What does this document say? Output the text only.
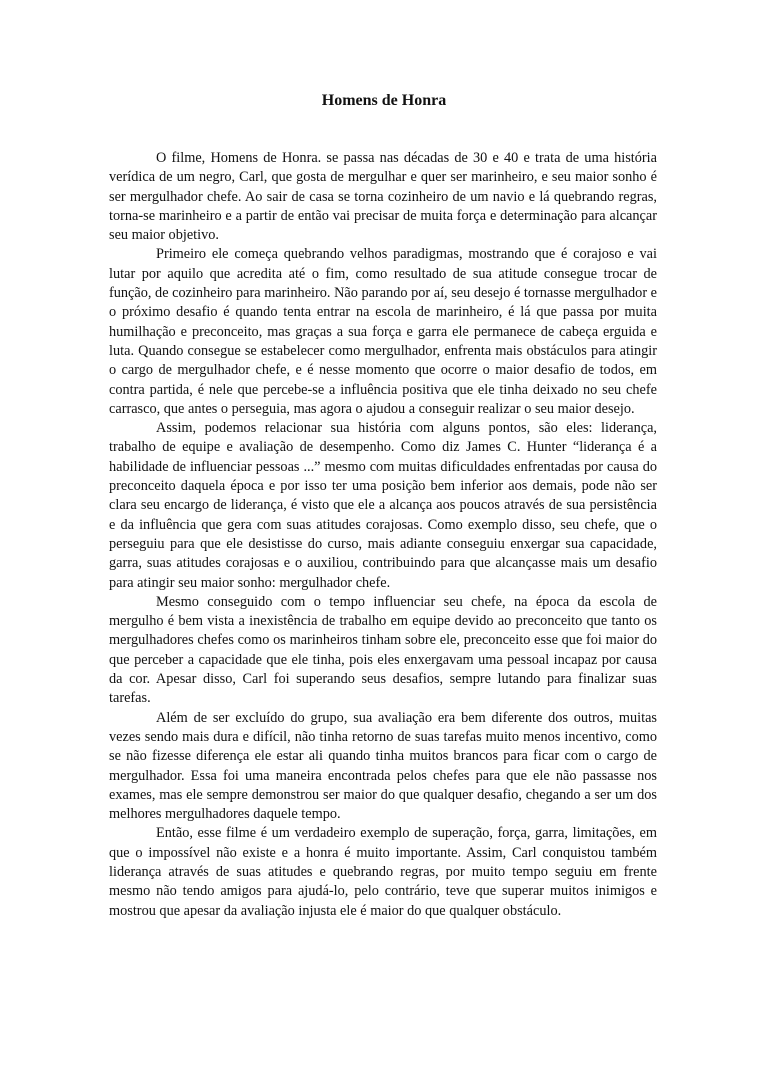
Homens de Honra

O filme, Homens de Honra. se passa nas décadas de 30 e 40 e trata de uma história verídica de um negro, Carl, que gosta de mergulhar e quer ser marinheiro, e seu maior sonho é ser mergulhador chefe. Ao sair de casa se torna cozinheiro de um navio e lá quebrando regras, torna-se marinheiro e a partir de então vai precisar de muita força e determinação para alcançar seu maior objetivo.

Primeiro ele começa quebrando velhos paradigmas, mostrando que é corajoso e vai lutar por aquilo que acredita até o fim, como resultado de sua atitude consegue trocar de função, de cozinheiro para marinheiro. Não parando por aí, seu desejo é tornasse mergulhador e o próximo desafio é quando tenta entrar na escola de marinheiro, é lá que passa por muita humilhação e preconceito, mas graças a sua força e garra ele permanece de cabeça erguida e luta. Quando consegue se estabelecer como mergulhador, enfrenta mais obstáculos para atingir o cargo de mergulhador chefe, e é nesse momento que ocorre o maior desafio de todos, em contra partida, é nele que percebe-se a influência positiva que ele tinha deixado no seu chefe carrasco, que antes o perseguia, mas agora o ajudou a conseguir realizar o seu maior desejo.

Assim, podemos relacionar sua história com alguns pontos, são eles: liderança, trabalho de equipe e avaliação de desempenho. Como diz James C. Hunter “liderança é a habilidade de influenciar pessoas ...” mesmo com muitas dificuldades enfrentadas por causa do preconceito daquela época e por isso ter uma posição bem inferior aos demais, pode não ser clara seu encargo de liderança, é visto que ele a alcança aos poucos através de sua persistência e da influência que gera com suas atitudes corajosas. Como exemplo disso, seu chefe, que o perseguiu para que ele desistisse do curso, mais adiante conseguiu enxergar sua capacidade, garra, suas atitudes corajosas e o auxiliou, contribuindo para que alcançasse mais um desafio para atingir seu maior sonho: mergulhador chefe.

Mesmo conseguido com o tempo influenciar seu chefe, na época da escola de mergulho é bem vista a inexistência de trabalho em equipe devido ao preconceito que tanto os mergulhadores chefes como os marinheiros tinham sobre ele, preconceito esse que foi maior do que perceber a capacidade que ele tinha, pois eles enxergavam uma pessoal incapaz por causa da cor. Apesar disso, Carl foi superando seus desafios, sempre lutando para finalizar suas tarefas.

Além de ser excluído do grupo, sua avaliação era bem diferente dos outros, muitas vezes sendo mais dura e difícil, não tinha retorno de suas tarefas muito menos incentivo, como se não fizesse diferença ele estar ali quando tinha muitos brancos para ficar com o cargo de mergulhador. Essa foi uma maneira encontrada pelos chefes para que ele não passasse nos exames, mas ele sempre demonstrou ser maior do que qualquer desafio, chegando a ser um dos melhores mergulhadores daquele tempo.

Então, esse filme é um verdadeiro exemplo de superação, força, garra, limitações, em que o impossível não existe e a honra é muito importante. Assim, Carl conquistou também liderança através de suas atitudes e quebrando regras, por muito tempo seguiu em frente mesmo não tendo amigos para ajudá-lo, pelo contrário, teve que superar muitos inimigos e mostrou que apesar da avaliação injusta ele é maior do que qualquer obstáculo.
